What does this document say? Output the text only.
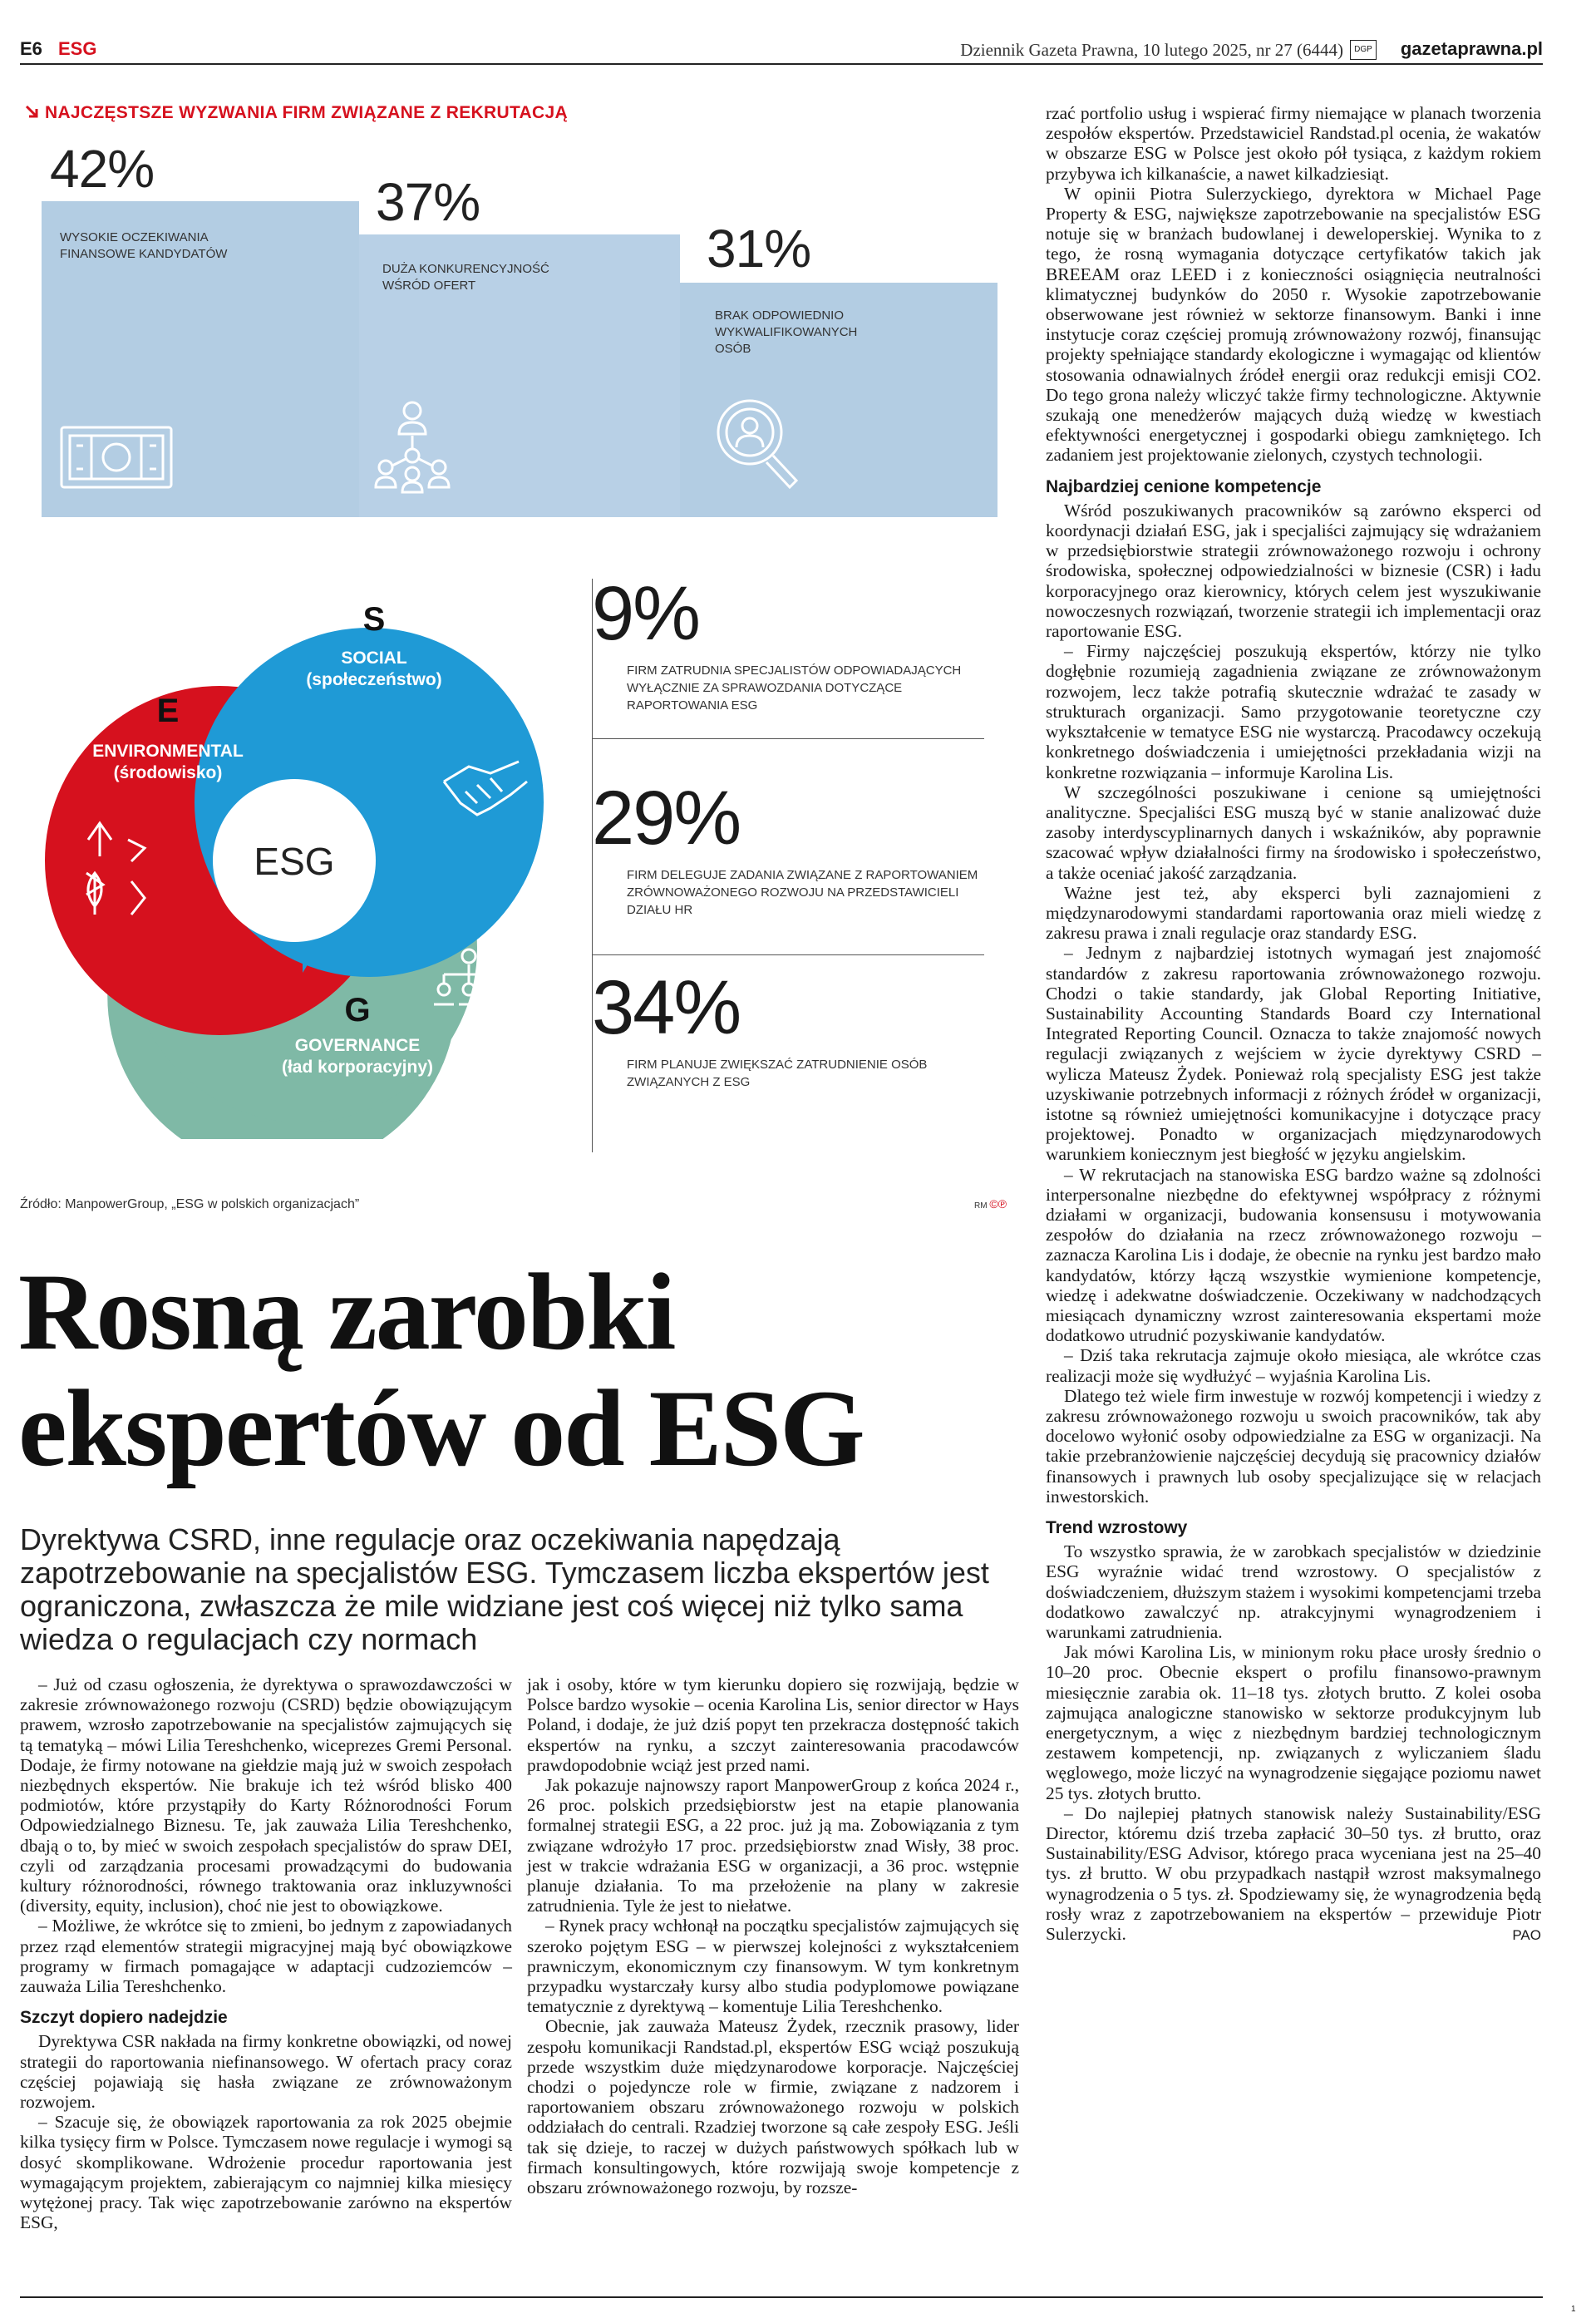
E6 ESG	Dziennik Gazeta Prawna, 10 lutego 2025, nr 27 (6444)	DGP gazetaprawna.pl
NAJCZĘSTSZE WYZWANIA FIRM ZWIĄZANE Z REKRUTACJĄ
42%
37%
31%
WYSOKIE OCZEKIWANIA FINANSOWE KANDYDATÓW
DUŻA KONKURENCYJNOŚĆ WŚRÓD OFERT
BRAK ODPOWIEDNIO WYKWALIFIKOWANYCH OSÓB
ESG
S
SOCIAL
(społeczeństwo)
E
ENVIRONMENTAL
(środowisko)
G
GOVERNANCE
(ład korporacyjny)
9%
FIRM ZATRUDNIA SPECJALISTÓW ODPOWIADAJĄCYCH WYŁĄCZNIE ZA SPRAWOZDANIA DOTYCZĄCE RAPORTOWANIA ESG
29%
FIRM DELEGUJE ZADANIA ZWIĄZANE Z RAPORTOWANIEM ZRÓWNOWAŻONEGO ROZWOJU NA PRZEDSTAWICIELI DZIAŁU HR
34%
FIRM PLANUJE ZWIĘKSZAĆ ZATRUDNIENIE OSÓB ZWIĄZANYCH Z ESG
Źródło: ManpowerGroup, „ESG w polskich organizacjach”	RM ©℗
Rosną zarobki
ekspertów od ESG
Dyrektywa CSRD, inne regulacje oraz oczekiwania napędzają zapotrzebowanie na specjalistów ESG. Tymczasem liczba ekspertów jest ograniczona, zwłaszcza że mile widziane jest coś więcej niż tylko sama wiedza o regulacjach czy normach

– Już od czasu ogłoszenia, że dyrektywa o sprawozdawczości w zakresie zrównoważonego rozwoju (CSRD) będzie obowiązującym prawem, wzrosło zapotrzebowanie na specjalistów zajmujących się tą tematyką – mówi Lilia Tereshchenko, wiceprezes Gremi Personal. Dodaje, że firmy notowane na giełdzie mają już w swoich zespołach niezbędnych ekspertów. Nie brakuje ich też wśród blisko 400 podmiotów, które przystąpiły do Karty Różnorodności Forum Odpowiedzialnego Biznesu. Te, jak zauważa Lilia Tereshchenko, dbają o to, by mieć w swoich zespołach specjalistów do spraw DEI, czyli od zarządzania procesami prowadzącymi do budowania kultury różnorodności, równego traktowania oraz inkluzywności (diversity, equity, inclusion), choć nie jest to obowiązkowe.

– Możliwe, że wkrótce się to zmieni, bo jednym z zapowiadanych przez rząd elementów strategii migracyjnej mają być obowiązkowe programy w firmach pomagające w adaptacji cudzoziemców – zauważa Lilia Tereshchenko.

Szczyt dopiero nadejdzie

Dyrektywa CSR nakłada na firmy konkretne obowiązki, od nowej strategii do raportowania niefinansowego. W ofertach pracy coraz częściej pojawiają się hasła związane ze zrównoważonym rozwojem.

– Szacuje się, że obowiązek raportowania za rok 2025 obejmie kilka tysięcy firm w Polsce. Tymczasem nowe regulacje i wymogi są dosyć skomplikowane. Wdrożenie procedur raportowania jest wymagającym projektem, zabierającym co najmniej kilka miesięcy wytężonej pracy. Tak więc zapotrzebowanie zarówno na ekspertów ESG,

jak i osoby, które w tym kierunku dopiero się rozwijają, będzie w Polsce bardzo wysokie – ocenia Karolina Lis, senior director w Hays Poland, i dodaje, że już dziś popyt ten przekracza dostępność takich ekspertów na rynku, a szczyt zainteresowania pracodawców prawdopodobnie wciąż jest przed nami.

Jak pokazuje najnowszy raport ManpowerGroup z końca 2024 r., 26 proc. polskich przedsiębiorstw jest na etapie planowania formalnej strategii ESG, a 22 proc. już ją ma. Zobowiązania z tym związane wdrożyło 17 proc. przedsiębiorstw znad Wisły, 38 proc. jest w trakcie wdrażania ESG w organizacji, a 36 proc. wstępnie planuje działania. To ma przełożenie na plany w zakresie zatrudnienia. Tyle że jest to niełatwe.

– Rynek pracy wchłonął na początku specjalistów zajmujących się szeroko pojętym ESG – w pierwszej kolejności z wykształceniem prawniczym, ekonomicznym czy finansowym. W tym konkretnym przypadku wystarczały kursy albo studia podyplomowe powiązane tematycznie z dyrektywą – komentuje Lilia Tereshchenko.

Obecnie, jak zauważa Mateusz Żydek, rzecznik prasowy, lider zespołu komunikacji Randstad.pl, ekspertów ESG wciąż poszukują przede wszystkim duże międzynarodowe korporacje. Najczęściej chodzi o pojedyncze role w firmie, związane z nadzorem i raportowaniem obszaru zrównoważonego rozwoju w polskich oddziałach do centrali. Rzadziej tworzone są całe zespoły ESG. Jeśli tak się dzieje, to raczej w dużych państwowych spółkach lub w firmach konsultingowych, które rozwijają swoje kompetencje z obszaru zrównoważonego rozwoju, by rozsze-

rzać portfolio usług i wspierać firmy niemające w planach tworzenia zespołów ekspertów. Przedstawiciel Randstad.pl ocenia, że wakatów w obszarze ESG w Polsce jest około pół tysiąca, z każdym rokiem przybywa ich kilkanaście, a nawet kilkadziesiąt.

W opinii Piotra Sulerzyckiego, dyrektora w Michael Page Property & ESG, największe zapotrzebowanie na specjalistów ESG notuje się w branżach budowlanej i deweloperskiej. Wynika to z tego, że rosną wymagania dotyczące certyfikatów takich jak BREEAM oraz LEED i z konieczności osiągnięcia neutralności klimatycznej budynków do 2050 r. Wysokie zapotrzebowanie obserwowane jest również w sektorze finansowym. Banki i inne instytucje coraz częściej promują zrównoważony rozwój, finansując projekty spełniające standardy ekologiczne i wymagając od klientów stosowania odnawialnych źródeł energii oraz redukcji emisji CO2. Do tego grona należy wliczyć także firmy technologiczne. Aktywnie szukają one menedżerów mających dużą wiedzę w kwestiach efektywności energetycznej i gospodarki obiegu zamkniętego. Ich zadaniem jest projektowanie zielonych, czystych technologii.

Najbardziej cenione kompetencje

Wśród poszukiwanych pracowników są zarówno eksperci od koordynacji działań ESG, jak i specjaliści zajmujący się wdrażaniem w przedsiębiorstwie strategii zrównoważonego rozwoju i ochrony środowiska, społecznej odpowiedzialności w biznesie (CSR) i ładu korporacyjnego oraz kierownicy, których celem jest wyszukiwanie nowoczesnych rozwiązań, tworzenie strategii ich implementacji oraz raportowanie ESG.

– Firmy najczęściej poszukują ekspertów, którzy nie tylko dogłębnie rozumieją zagadnienia związane ze zrównoważonym rozwojem, lecz także potrafią skutecznie wdrażać te zasady w strukturach organizacji. Samo przygotowanie teoretyczne czy wykształcenie w tematyce ESG nie wystarczą. Pracodawcy oczekują konkretnego doświadczenia i umiejętności przekładania wizji na konkretne rozwiązania – informuje Karolina Lis.

W szczególności poszukiwane i cenione są umiejętności analityczne. Specjaliści ESG muszą być w stanie analizować duże zasoby interdyscyplinarnych danych i wskaźników, aby poprawnie szacować wpływ działalności firmy na środowisko i społeczeństwo, a także oceniać jakość zarządzania.

Ważne jest też, aby eksperci byli zaznajomieni z międzynarodowymi standardami raportowania oraz mieli wiedzę z zakresu prawa i znali regulacje oraz standardy ESG.

– Jednym z najbardziej istotnych wymagań jest znajomość standardów z zakresu raportowania zrównoważonego rozwoju. Chodzi o takie standardy, jak Global Reporting Initiative, Sustainability Accounting Standards Board czy International Integrated Reporting Council. Oznacza to także znajomość nowych regulacji związanych z wejściem w życie dyrektywy CSRD – wylicza Mateusz Żydek. Ponieważ rolą specjalisty ESG jest także uzyskiwanie potrzebnych informacji z różnych źródeł w organizacji, istotne są również umiejętności komunikacyjne i dotyczące pracy projektowej. Ponadto w organizacjach międzynarodowych warunkiem koniecznym jest biegłość w języku angielskim.

– W rekrutacjach na stanowiska ESG bardzo ważne są zdolności interpersonalne niezbędne do efektywnej współpracy z różnymi działami w organizacji, budowania konsensusu i motywowania zespołów do działania na rzecz zrównoważonego rozwoju – zaznacza Karolina Lis i dodaje, że obecnie na rynku jest bardzo mało kandydatów, którzy łączą wszystkie wymienione kompetencje, wiedzę i adekwatne doświadczenie. Oczekiwany w nadchodzących miesiącach dynamiczny wzrost zainteresowania ekspertami może dodatkowo utrudnić pozyskiwanie kandydatów.

– Dziś taka rekrutacja zajmuje około miesiąca, ale wkrótce czas realizacji może się wydłużyć – wyjaśnia Karolina Lis.

Dlatego też wiele firm inwestuje w rozwój kompetencji i wiedzy z zakresu zrównoważonego rozwoju u swoich pracowników, tak aby docelowo wyłonić osoby odpowiedzialne za ESG w organizacji. Na takie przebranżowienie najczęściej decydują się pracownicy działów finansowych i prawnych lub osoby specjalizujące się w relacjach inwestorskich.

Trend wzrostowy

To wszystko sprawia, że w zarobkach specjalistów w dziedzinie ESG wyraźnie widać trend wzrostowy. O specjalistów z doświadczeniem, dłuższym stażem i wysokimi kompetencjami trzeba dodatkowo zawalczyć np. atrakcyjnymi wynagrodzeniem i warunkami zatrudnienia.

Jak mówi Karolina Lis, w minionym roku płace urosły średnio o 10–20 proc. Obecnie ekspert o profilu finansowo-prawnym miesięcznie zarabia ok. 11–18 tys. złotych brutto. Z kolei osoba zajmująca analogiczne stanowisko w sektorze produkcyjnym lub energetycznym, a więc z niezbędnym bardziej technologicznym zestawem kompetencji, np. związanych z wyliczaniem śladu węglowego, może liczyć na wynagrodzenie sięgające poziomu nawet 25 tys. złotych brutto.

– Do najlepiej płatnych stanowisk należy Sustainability/ESG Director, któremu dziś trzeba zapłacić 30–50 tys. zł brutto, oraz Sustainability/ESG Advisor, którego praca wyceniana jest na 25–40 tys. zł brutto. W obu przypadkach nastąpił wzrost maksymalnego wynagrodzenia o 5 tys. zł. Spodziewamy się, że wynagrodzenia będą rosły wraz z zapotrzebowaniem na ekspertów – przewiduje Piotr Sulerzycki.	PAO
1
